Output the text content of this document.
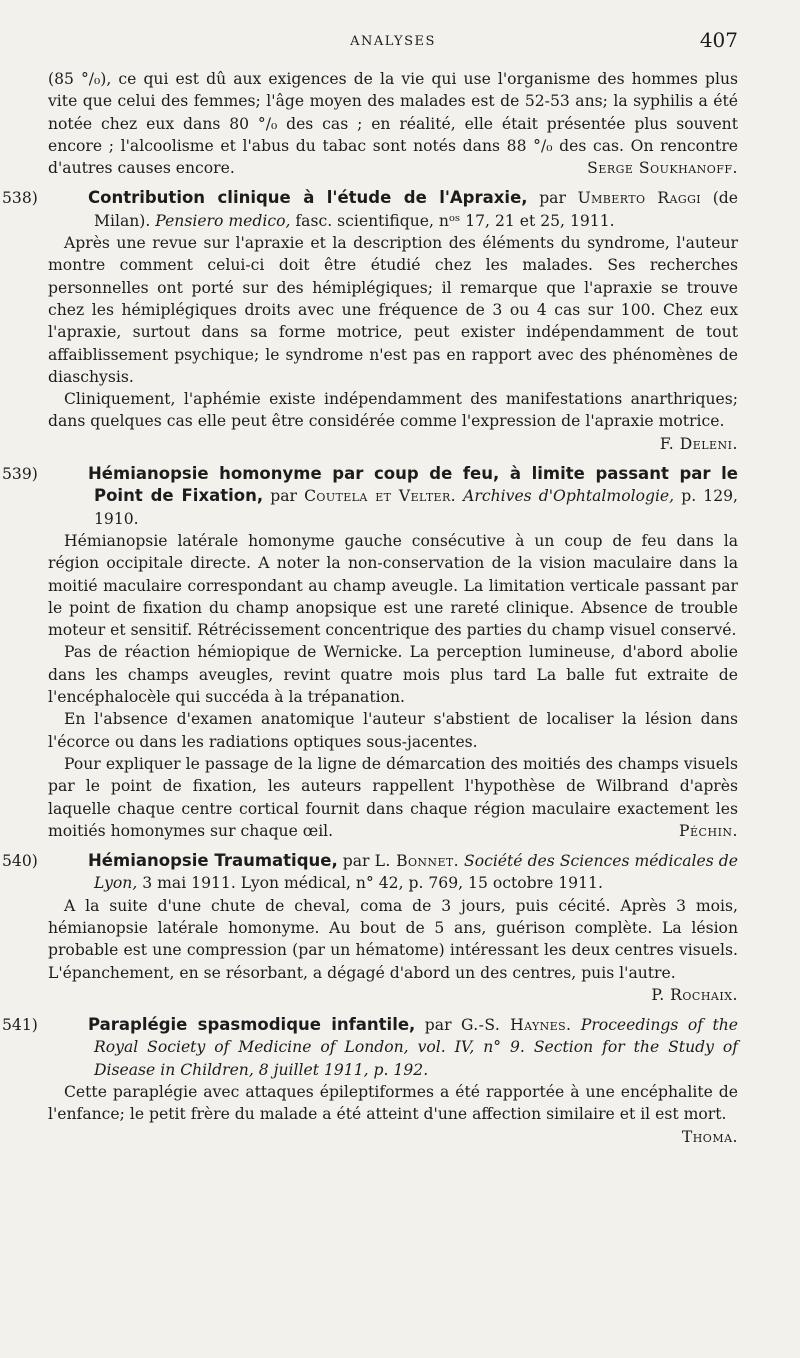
ANALYSES	407

(85 °/₀), ce qui est dû aux exigences de la vie qui use l'organisme des hommes plus vite que celui des femmes; l'âge moyen des malades est de 52-53 ans; la syphilis a été notée chez eux dans 80 °/₀ des cas ; en réalité, elle était présentée plus souvent encore ; l'alcoolisme et l'abus du tabac sont notés dans 88 °/₀ des cas. On rencontre d'autres causes encore.	Serge Soukhanoff.

538)	Contribution clinique à l'étude de l'Apraxie, par Umberto Raggi (de Milan). Pensiero medico, fasc. scientifique, nᵒˢ 17, 21 et 25, 1911.

Après une revue sur l'apraxie et la description des éléments du syndrome, l'auteur montre comment celui-ci doit être étudié chez les malades. Ses recherches personnelles ont porté sur des hémiplégiques; il remarque que l'apraxie se trouve chez les hémiplégiques droits avec une fréquence de 3 ou 4 cas sur 100. Chez eux l'apraxie, surtout dans sa forme motrice, peut exister indépendamment de tout affaiblissement psychique; le syndrome n'est pas en rapport avec des phénomènes de diaschysis.

Cliniquement, l'aphémie existe indépendamment des manifestations anarthriques; dans quelques cas elle peut être considérée comme l'expression de l'apraxie motrice.
F. Deleni.

539)	Hémianopsie homonyme par coup de feu, à limite passant par le Point de Fixation, par Coutela et Velter. Archives d'Ophtalmologie, p. 129, 1910.

Hémianopsie latérale homonyme gauche consécutive à un coup de feu dans la région occipitale directe. A noter la non-conservation de la vision maculaire dans la moitié maculaire correspondant au champ aveugle. La limitation verticale passant par le point de fixation du champ anopsique est une rareté clinique. Absence de trouble moteur et sensitif. Rétrécissement concentrique des parties du champ visuel conservé.

Pas de réaction hémiopique de Wernicke. La perception lumineuse, d'abord abolie dans les champs aveugles, revint quatre mois plus tard La balle fut extraite de l'encéphalocèle qui succéda à la trépanation.

En l'absence d'examen anatomique l'auteur s'abstient de localiser la lésion dans l'écorce ou dans les radiations optiques sous-jacentes.

Pour expliquer le passage de la ligne de démarcation des moitiés des champs visuels par le point de fixation, les auteurs rappellent l'hypothèse de Wilbrand d'après laquelle chaque centre cortical fournit dans chaque région maculaire exactement les moitiés homonymes sur chaque œil.	Péchin.

540)	Hémianopsie Traumatique, par L. Bonnet. Société des Sciences médicales de Lyon, 3 mai 1911. Lyon médical, n° 42, p. 769, 15 octobre 1911.

A la suite d'une chute de cheval, coma de 3 jours, puis cécité. Après 3 mois, hémianopsie latérale homonyme. Au bout de 5 ans, guérison complète. La lésion probable est une compression (par un hématome) intéressant les deux centres visuels. L'épanchement, en se résorbant, a dégagé d'abord un des centres, puis l'autre.
P. Rochaix.

541)	Paraplégie spasmodique infantile, par G.-S. Haynes. Proceedings of the Royal Society of Medicine of London, vol. IV, n° 9. Section for the Study of Disease in Children, 8 juillet 1911, p. 192.

Cette paraplégie avec attaques épileptiformes a été rapportée à une encéphalite de l'enfance; le petit frère du malade a été atteint d'une affection similaire et il est mort.
Thoma.
